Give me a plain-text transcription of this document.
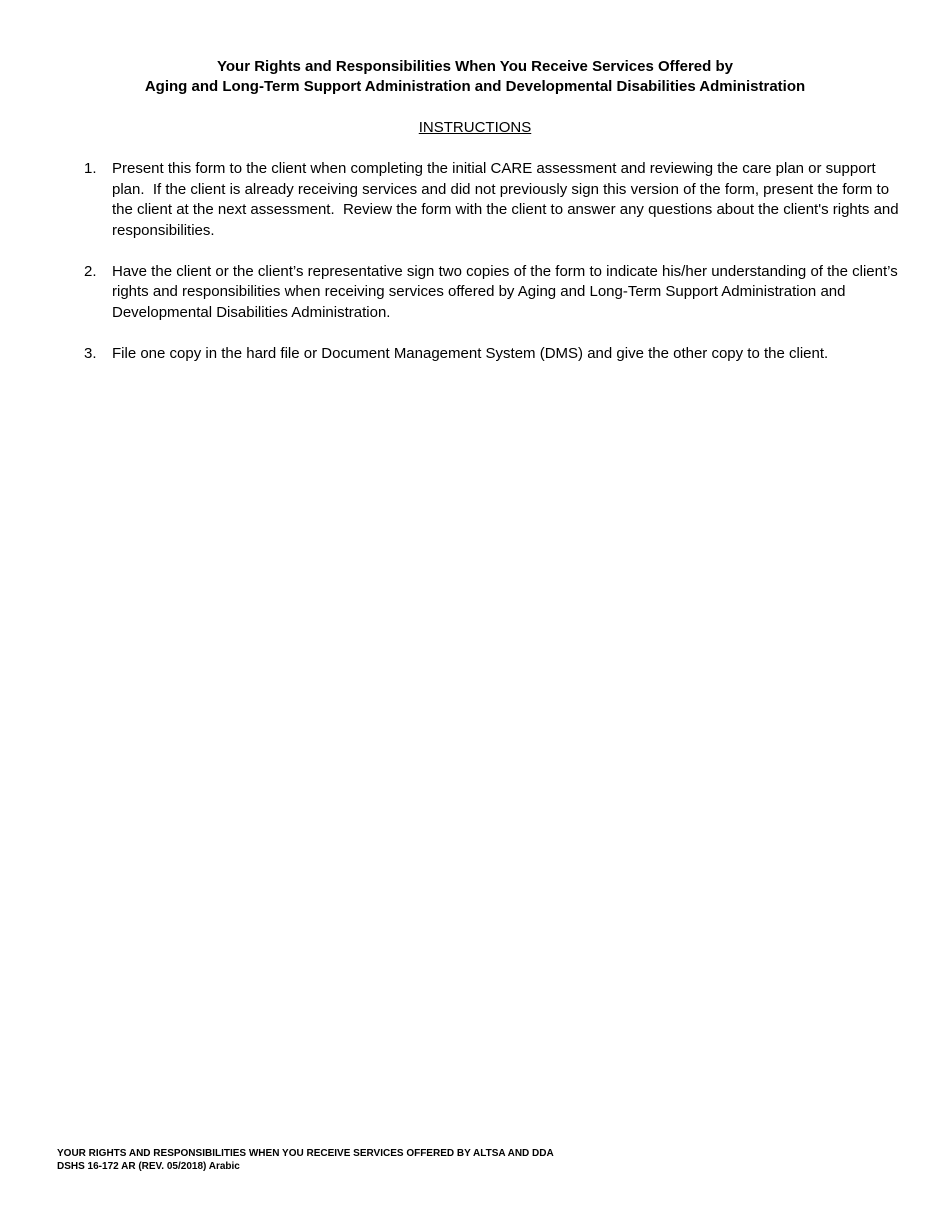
Your Rights and Responsibilities When You Receive Services Offered by
Aging and Long-Term Support Administration and Developmental Disabilities Administration
INSTRUCTIONS
1. Present this form to the client when completing the initial CARE assessment and reviewing the care plan or support plan.  If the client is already receiving services and did not previously sign this version of the form, present the form to the client at the next assessment.  Review the form with the client to answer any questions about the client's rights and responsibilities.
2. Have the client or the client’s representative sign two copies of the form to indicate his/her understanding of the client’s rights and responsibilities when receiving services offered by Aging and Long-Term Support Administration and Developmental Disabilities Administration.
3. File one copy in the hard file or Document Management System (DMS) and give the other copy to the client.
YOUR RIGHTS AND RESPONSIBILITIES WHEN YOU RECEIVE SERVICES OFFERED BY ALTSA AND DDA
DSHS 16-172 AR (REV. 05/2018) Arabic
